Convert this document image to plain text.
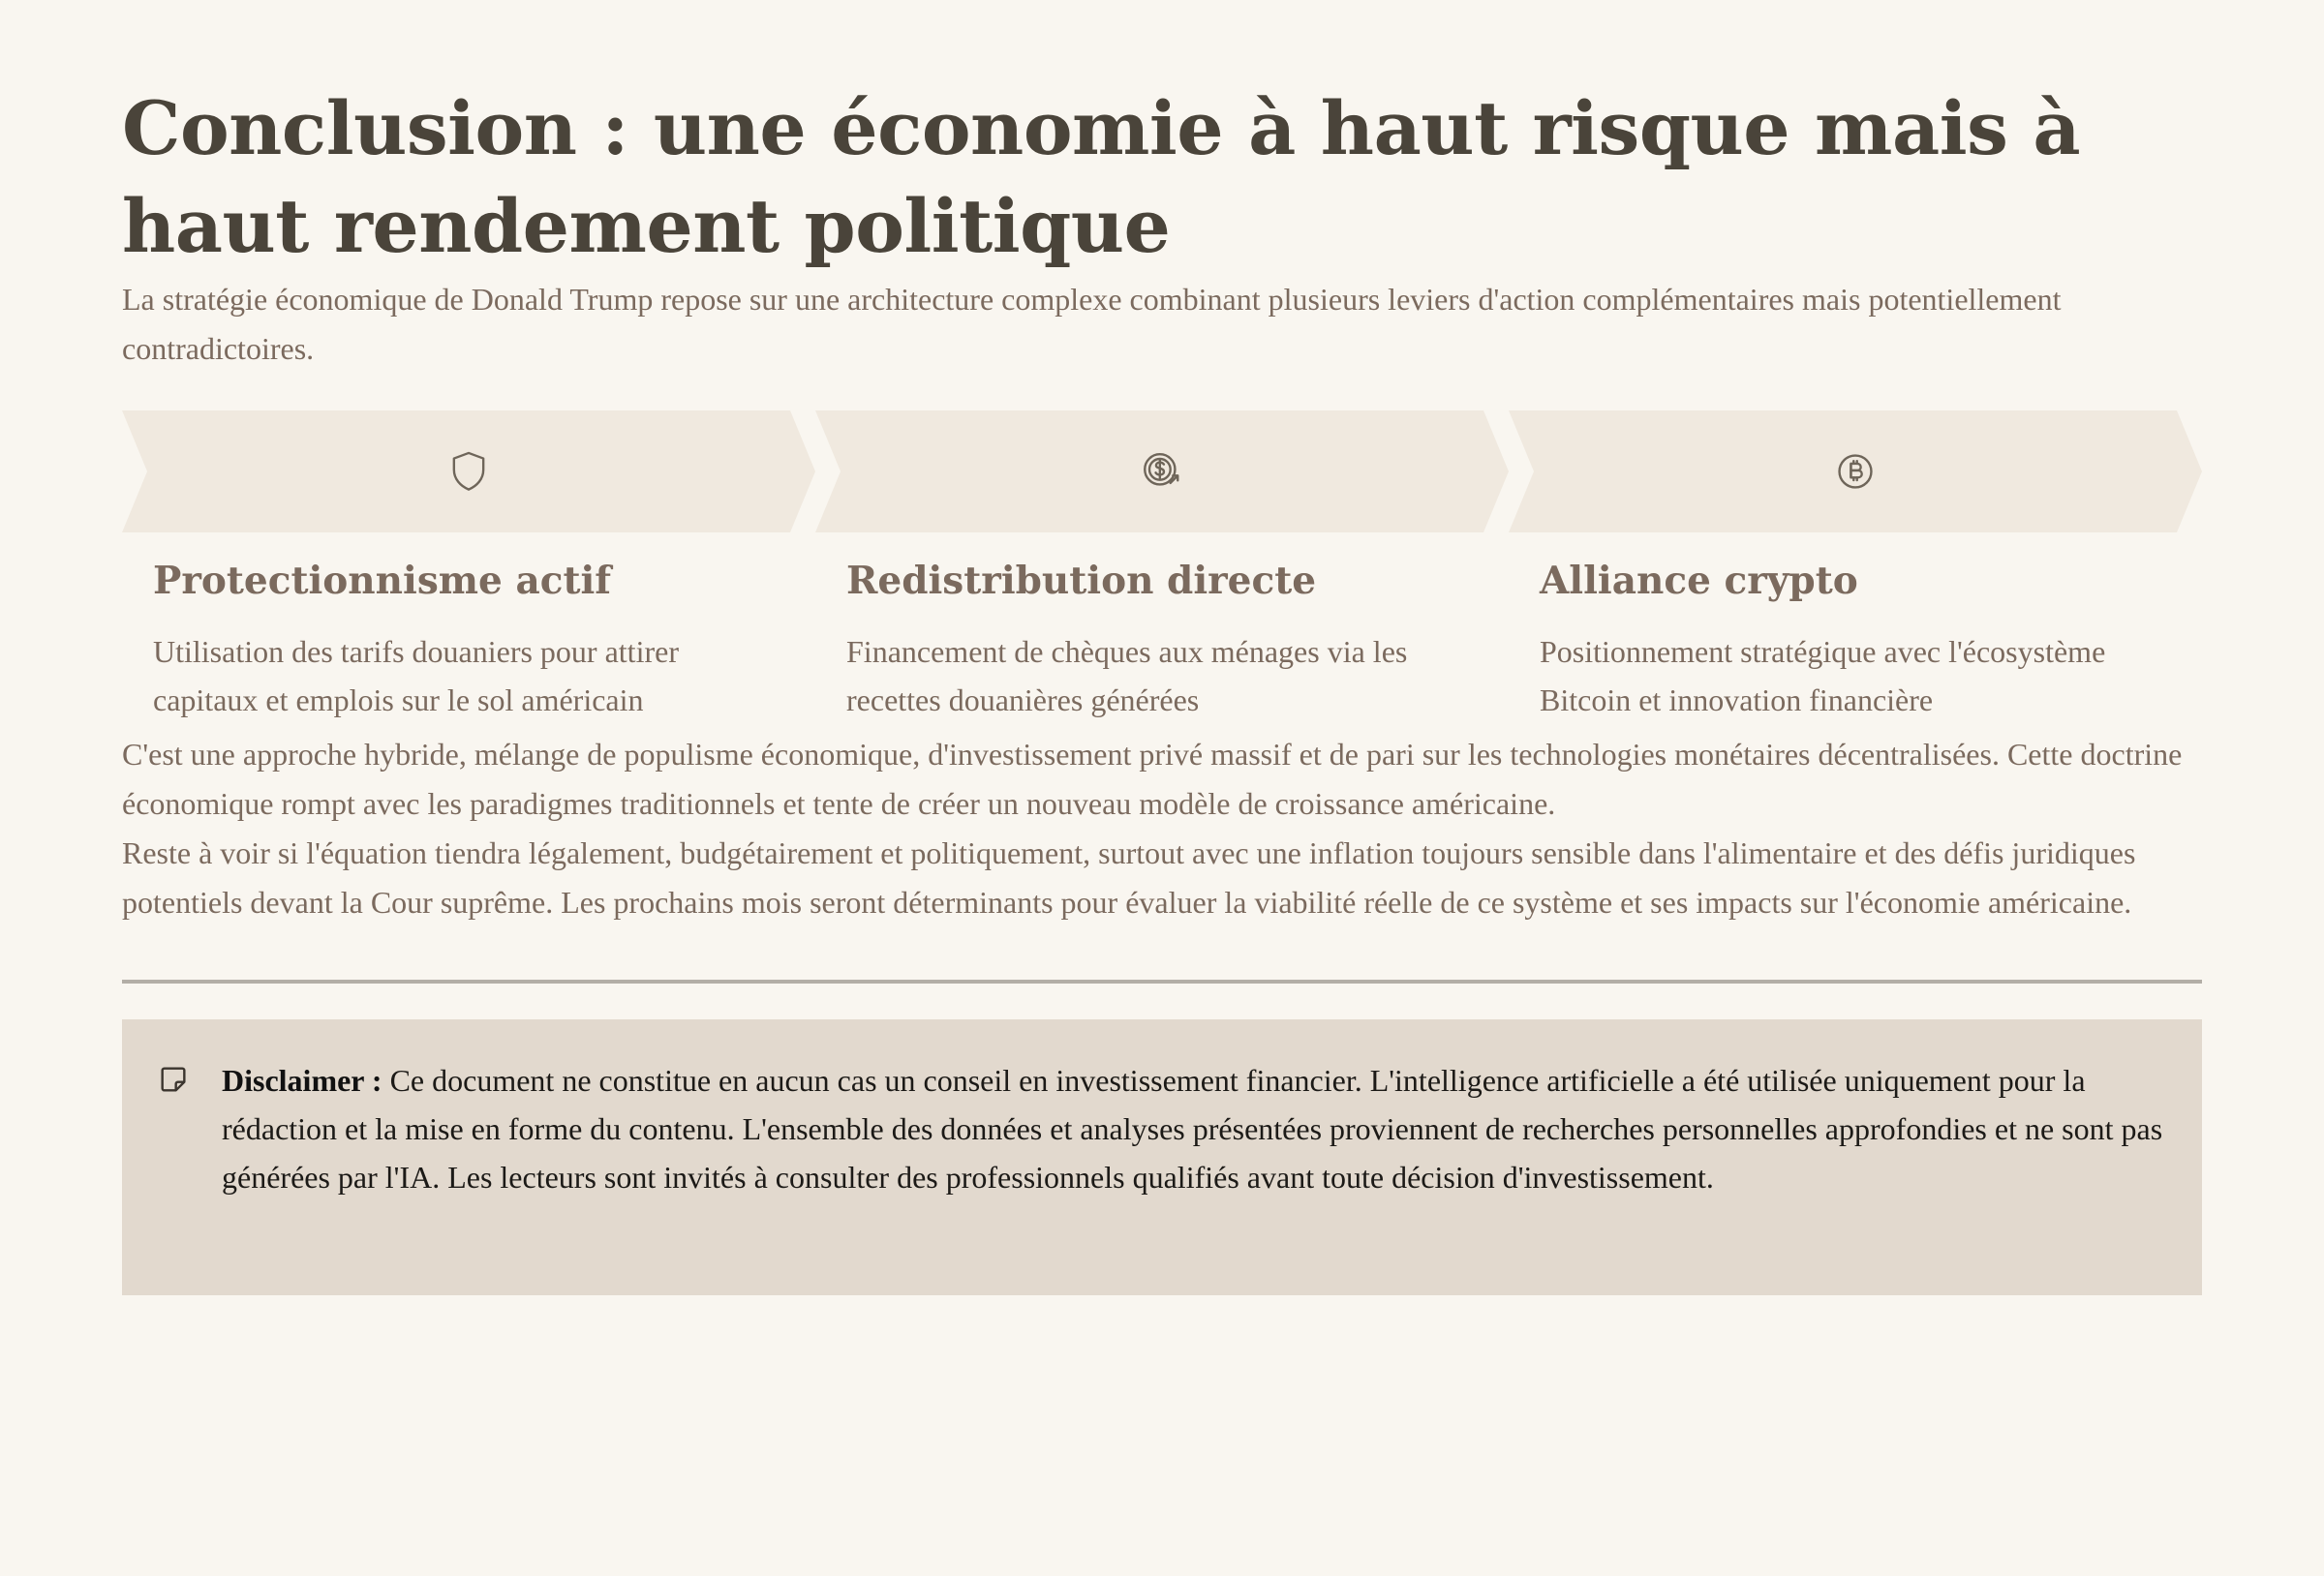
Conclusion : une économie à haut risque mais à haut rendement politique

La stratégie économique de Donald Trump repose sur une architecture complexe combinant plusieurs leviers d'action complémentaires mais potentiellement contradictoires.

Protectionnisme actif

Utilisation des tarifs douaniers pour attirer capitaux et emplois sur le sol américain

Redistribution directe

Financement de chèques aux ménages via les recettes douanières générées

Alliance crypto

Positionnement stratégique avec l'écosystème Bitcoin et innovation financière

C'est une approche hybride, mélange de populisme économique, d'investissement privé massif et de pari sur les technologies monétaires décentralisées. Cette doctrine économique rompt avec les paradigmes traditionnels et tente de créer un nouveau modèle de croissance américaine.

Reste à voir si l'équation tiendra légalement, budgétairement et politiquement, surtout avec une inflation toujours sensible dans l'alimentaire et des défis juridiques potentiels devant la Cour suprême. Les prochains mois seront déterminants pour évaluer la viabilité réelle de ce système et ses impacts sur l'économie américaine.

Disclaimer : Ce document ne constitue en aucun cas un conseil en investissement financier. L'intelligence artificielle a été utilisée uniquement pour la rédaction et la mise en forme du contenu. L'ensemble des données et analyses présentées proviennent de recherches personnelles approfondies et ne sont pas générées par l'IA. Les lecteurs sont invités à consulter des professionnels qualifiés avant toute décision d'investissement.
